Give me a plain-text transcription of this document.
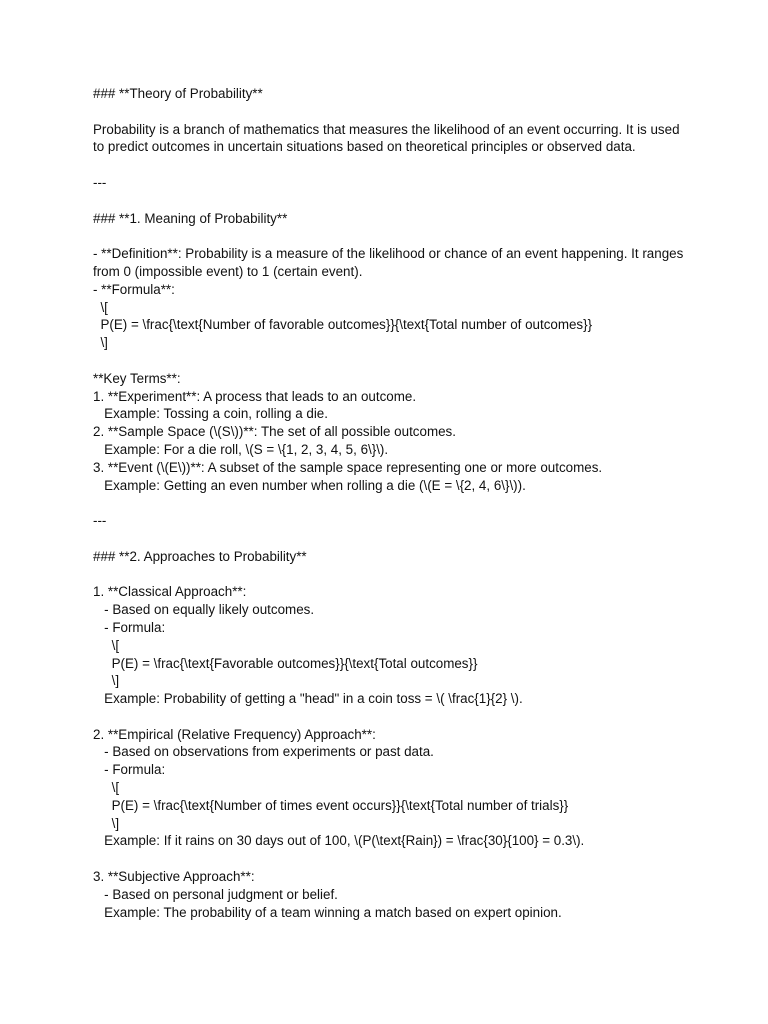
### **Theory of Probability**
Probability is a branch of mathematics that measures the likelihood of an event occurring. It is used to predict outcomes in uncertain situations based on theoretical principles or observed data.
---
### **1. Meaning of Probability**
- **Definition**: Probability is a measure of the likelihood or chance of an event happening. It ranges from 0 (impossible event) to 1 (certain event).
- **Formula**:
\[
P(E) = \frac{\text{Number of favorable outcomes}}{\text{Total number of outcomes}}
\]
**Key Terms**:
1. **Experiment**: A process that leads to an outcome.
Example: Tossing a coin, rolling a die.
2. **Sample Space (\(S\))**: The set of all possible outcomes.
Example: For a die roll, \(S = \{1, 2, 3, 4, 5, 6\}\).
3. **Event (\(E\))**: A subset of the sample space representing one or more outcomes.
Example: Getting an even number when rolling a die (\(E = \{2, 4, 6\}\)).
---
### **2. Approaches to Probability**
1. **Classical Approach**:
- Based on equally likely outcomes.
- Formula:
\[
P(E) = \frac{\text{Favorable outcomes}}{\text{Total outcomes}}
\]
Example: Probability of getting a "head" in a coin toss = \( \frac{1}{2} \).
2. **Empirical (Relative Frequency) Approach**:
- Based on observations from experiments or past data.
- Formula:
\[
P(E) = \frac{\text{Number of times event occurs}}{\text{Total number of trials}}
\]
Example: If it rains on 30 days out of 100, \(P(\text{Rain}) = \frac{30}{100} = 0.3\).
3. **Subjective Approach**:
- Based on personal judgment or belief.
Example: The probability of a team winning a match based on expert opinion.
